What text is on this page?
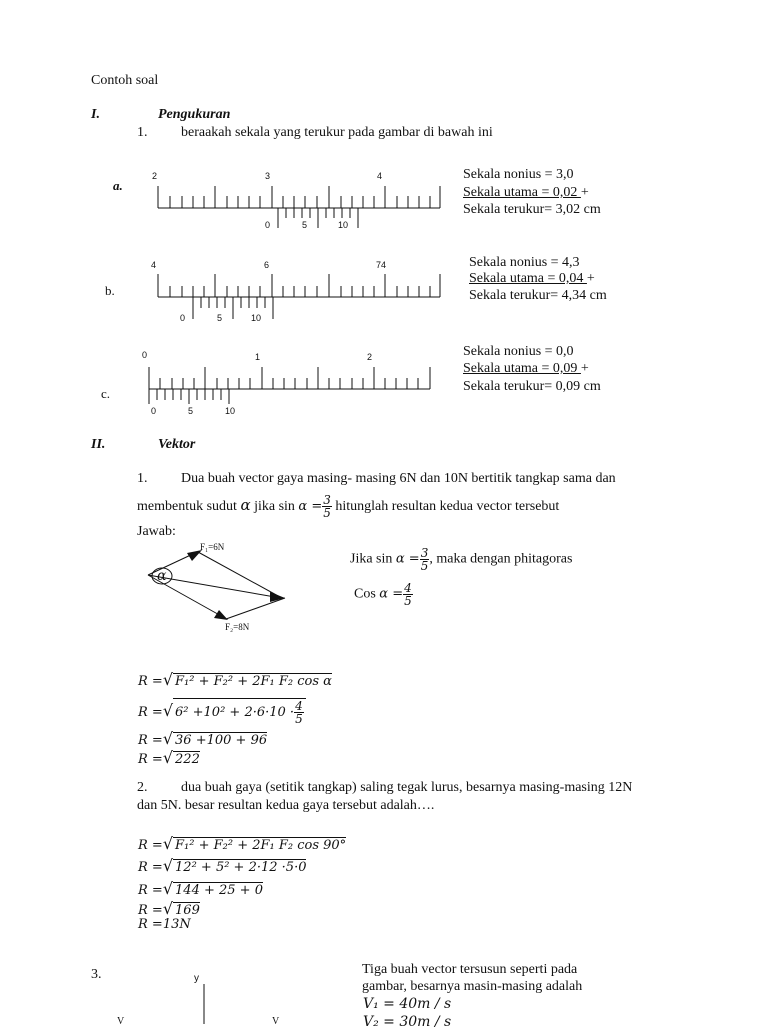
Contoh soal
I.	Pengukuran
1. beraakah sekala yang terukur pada gambar di bawah ini
a.
2	3	4
0	5	10
Sekala nonius = 3,0
Sekala utama = 0,02 +
Sekala terukur= 3,02 cm
b.
4	6	74
0	5	10
Sekala nonius = 4,3
Sekala utama = 0,04 +
Sekala terukur= 4,34 cm
c.
0	1	2
0	5	10
Sekala nonius = 0,0
Sekala utama = 0,09 +
Sekala terukur= 0,09 cm
II.	Vektor
1. Dua buah vector gaya masing- masing 6N dan 10N bertitik tangkap sama dan
membentuk sudut α jika $\sin \alpha = \frac{3}{5}$ hitunglah resultan kedua vector tersebut
Jawab:
α
F₁=6N
F₂=8N
Jika $\sin \alpha = \frac{3}{5}$ , maka dengan phitagoras
Cos $\alpha = \frac{4}{5}$
R =√ F₁² + F₂² + 2F₁ F₂ cos α
R =√ $6^2 +10^2 + 2\cdot 6\cdot 10 \cdot \frac{4}{5}$
R =√ 36 +100 + 96
R =√ 222
2. dua buah gaya (setitik tangkap) saling tegak lurus, besarnya masing-masing 12N
dan 5N. besar resultan kedua gaya tersebut adalah….
R =√ F₁² + F₂² + 2F₁ F₂ cos 90°
R =√ 12² + 5² + 2·12 ·5·0
R =√ 144 + 25 + 0
R =√ 169
R =13N
3.	y
V	V
Tiga buah vector tersusun seperti pada
gambar, besarnya masin-masing adalah
V₁ = 40m / s
V₂ = 30m / s
